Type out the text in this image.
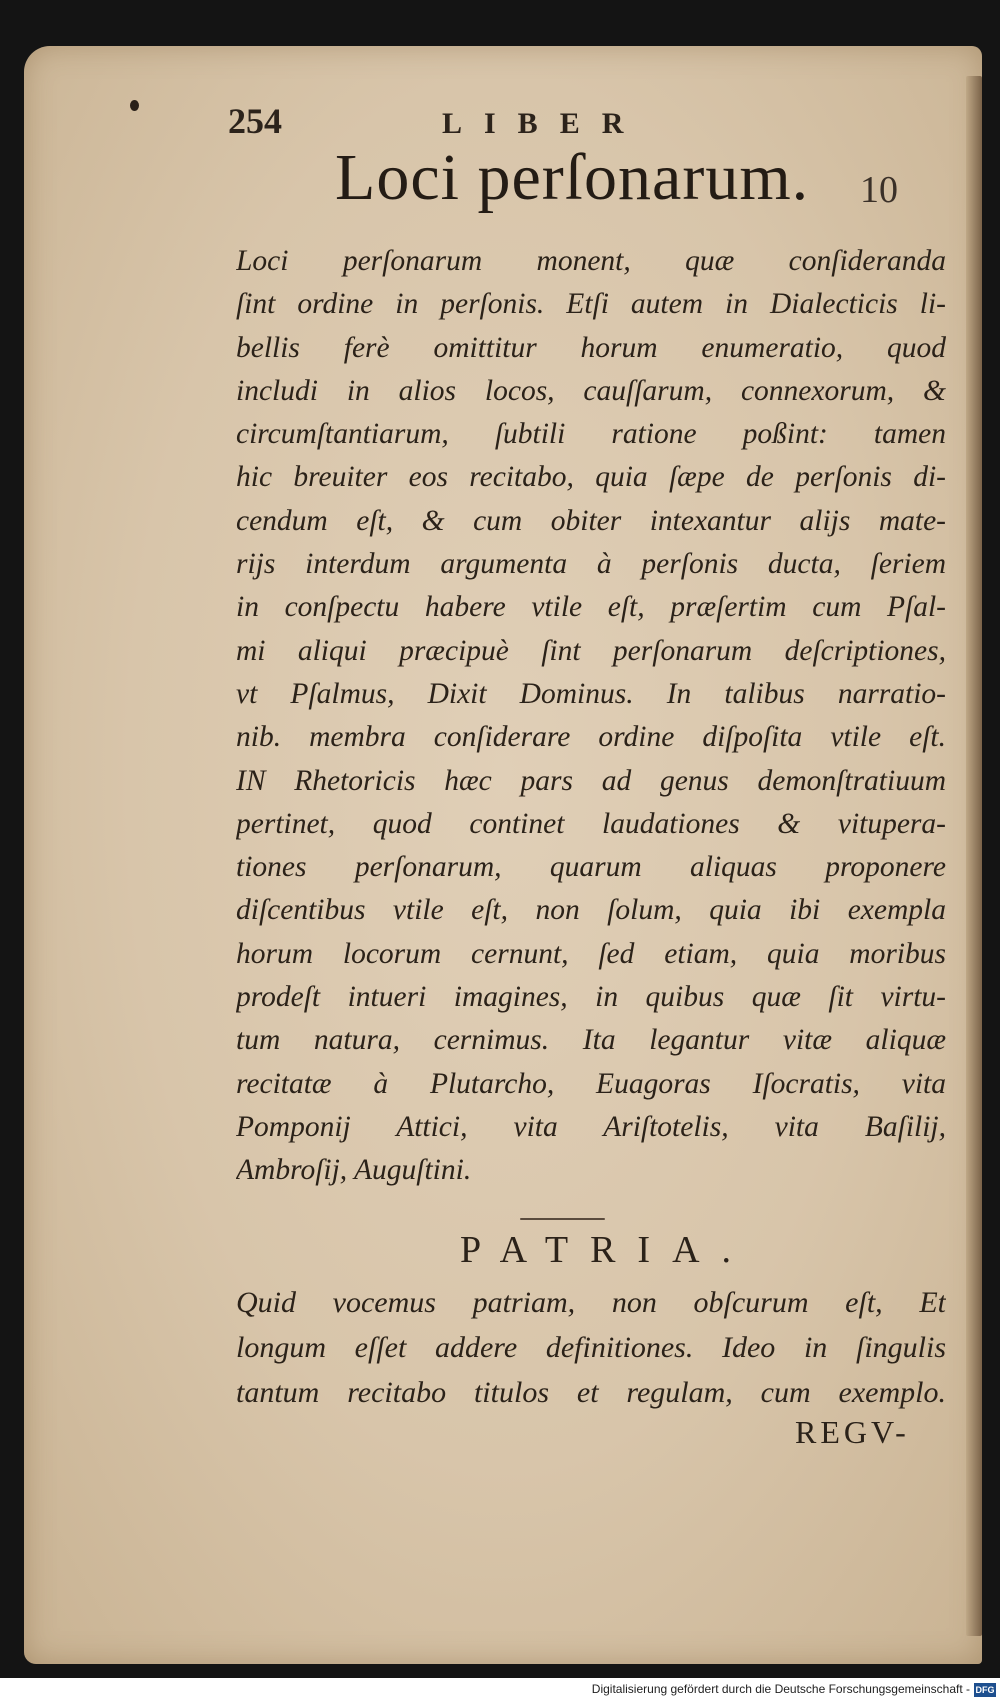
254	LIBER
Loci perſonarum. 10
Loci perſonarum monent, quæ conſideranda
ſint ordine in perſonis. Etſi autem in Dialecticis li-
bellis ferè omittitur horum enumeratio, quod
includi in alios locos, cauſſarum, connexorum, &
circumſtantiarum, ſubtili ratione poßint: tamen
hic breuiter eos recitabo, quia ſæpe de perſonis di-
cendum eſt, & cum obiter intexantur alijs mate-
rijs interdum argumenta à perſonis ducta, ſeriem
in conſpectu habere vtile eſt, præſertim cum Pſal-
mi aliqui præcipuè ſint perſonarum deſcriptiones,
vt Pſalmus, Dixit Dominus. In talibus narratio-
nib. membra conſiderare ordine diſpoſita vtile eſt.
IN Rhetoricis hæc pars ad genus demonſtratiuum
pertinet, quod continet laudationes & vitupera-
tiones perſonarum, quarum aliquas proponere
diſcentibus vtile eſt, non ſolum, quia ibi exempla
horum locorum cernunt, ſed etiam, quia moribus
prodeſt intueri imagines, in quibus quæ ſit virtu-
tum natura, cernimus. Ita legantur vitæ aliquæ
recitatæ à Plutarcho, Euagoras Iſocratis, vita
Pomponij Attici, vita Ariſtotelis, vita Baſilij,
Ambroſij, Auguſtini.
PATRIA.
Quid vocemus patriam, non obſcurum eſt, Et
longum eſſet addere definitiones. Ideo in ſingulis
tantum recitabo titulos et regulam, cum exemplo.
REGV-
Digitalisierung gefördert durch die Deutsche Forschungsgemeinschaft - DFG
